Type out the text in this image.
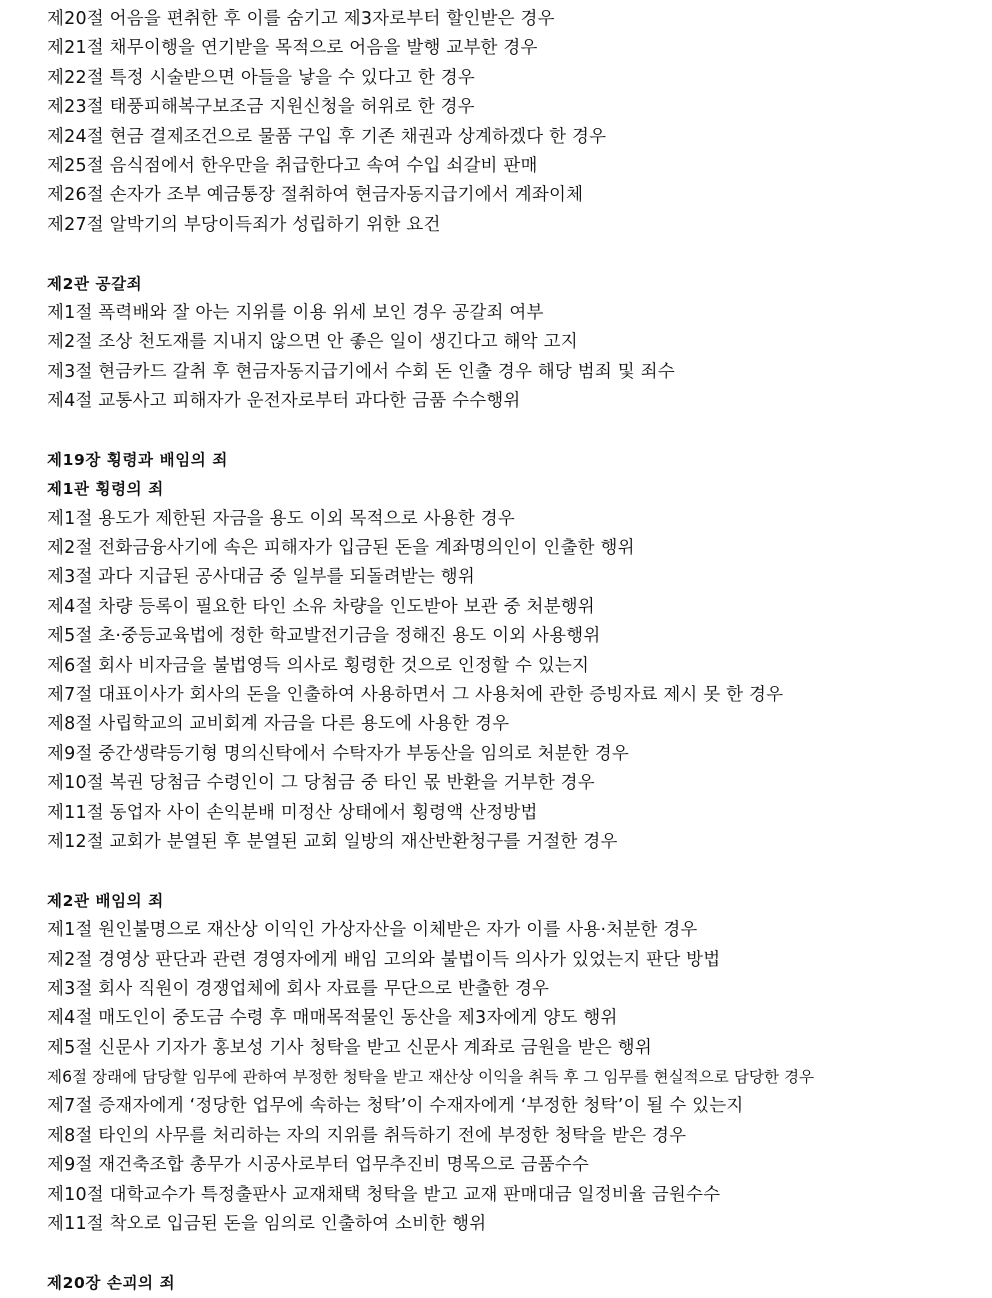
제20절 어음을 편취한 후 이를 숨기고 제3자로부터 할인받은 경우
제21절 채무이행을 연기받을 목적으로 어음을 발행 교부한 경우
제22절 특정 시술받으면 아들을 낳을 수 있다고 한 경우
제23절 태풍피해복구보조금 지원신청을 허위로 한 경우
제24절 현금 결제조건으로 물품 구입 후 기존 채권과 상계하겠다 한 경우
제25절 음식점에서 한우만을 취급한다고 속여 수입 쇠갈비 판매
제26절 손자가 조부 예금통장 절취하여 현금자동지급기에서 계좌이체
제27절 알박기의 부당이득죄가 성립하기 위한 요건
제2관 공갈죄
제1절 폭력배와 잘 아는 지위를 이용 위세 보인 경우 공갈죄 여부
제2절 조상 천도재를 지내지 않으면 안 좋은 일이 생긴다고 해악 고지
제3절 현금카드 갈취 후 현금자동지급기에서 수회 돈 인출 경우 해당 범죄 및 죄수
제4절 교통사고 피해자가 운전자로부터 과다한 금품 수수행위
제19장 횡령과 배임의 죄
제1관 횡령의 죄
제1절 용도가 제한된 자금을 용도 이외 목적으로 사용한 경우
제2절 전화금융사기에 속은 피해자가 입금된 돈을 계좌명의인이 인출한 행위
제3절 과다 지급된 공사대금 중 일부를 되돌려받는 행위
제4절 차량 등록이 필요한 타인 소유 차량을 인도받아 보관 중 처분행위
제5절 초·중등교육법에 정한 학교발전기금을 정해진 용도 이외 사용행위
제6절 회사 비자금을 불법영득 의사로 횡령한 것으로 인정할 수 있는지
제7절 대표이사가 회사의 돈을 인출하여 사용하면서 그 사용처에 관한 증빙자료 제시 못 한 경우
제8절 사립학교의 교비회계 자금을 다른 용도에 사용한 경우
제9절 중간생략등기형 명의신탁에서 수탁자가 부동산을 임의로 처분한 경우
제10절 복권 당첨금 수령인이 그 당첨금 중 타인 몫 반환을 거부한 경우
제11절 동업자 사이 손익분배 미정산 상태에서 횡령액 산정방법
제12절 교회가 분열된 후 분열된 교회 일방의 재산반환청구를 거절한 경우
제2관 배임의 죄
제1절 원인불명으로 재산상 이익인 가상자산을 이체받은 자가 이를 사용·처분한 경우
제2절 경영상 판단과 관련 경영자에게 배임 고의와 불법이득 의사가 있었는지 판단 방법
제3절 회사 직원이 경쟁업체에 회사 자료를 무단으로 반출한 경우
제4절 매도인이 중도금 수령 후 매매목적물인 동산을 제3자에게 양도 행위
제5절 신문사 기자가 홍보성 기사 청탁을 받고 신문사 계좌로 금원을 받은 행위
제6절 장래에 담당할 임무에 관하여 부정한 청탁을 받고 재산상 이익을 취득 후 그 임무를 현실적으로 담당한 경우
제7절 증재자에게 ‘정당한 업무에 속하는 청탁’이 수재자에게 ‘부정한 청탁’이 될 수 있는지
제8절 타인의 사무를 처리하는 자의 지위를 취득하기 전에 부정한 청탁을 받은 경우
제9절 재건축조합 총무가 시공사로부터 업무추진비 명목으로 금품수수
제10절 대학교수가 특정출판사 교재채택 청탁을 받고 교재 판매대금 일정비율 금원수수
제11절 착오로 입금된 돈을 임의로 인출하여 소비한 행위
제20장 손괴의 죄
